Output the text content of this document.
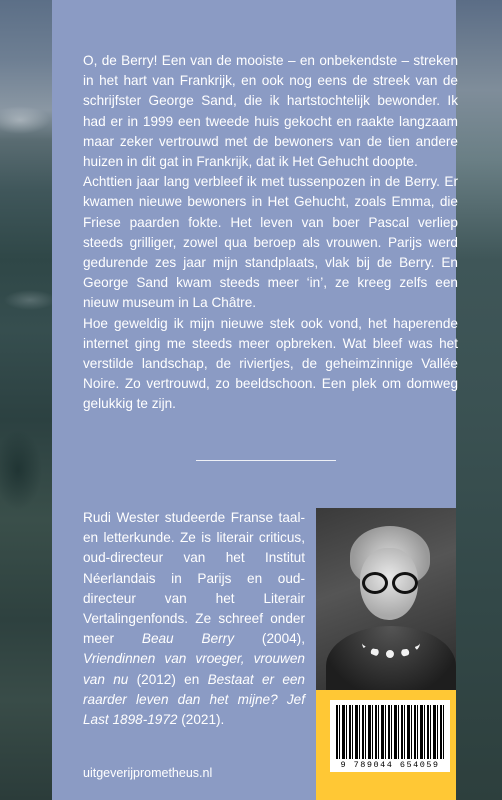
O, de Berry! Een van de mooiste – en onbekendste – streken in het hart van Frankrijk, en ook nog eens de streek van de schrijfster George Sand, die ik hartstochtelijk bewonder. Ik had er in 1999 een tweede huis gekocht en raakte langzaam maar zeker vertrouwd met de bewoners van de tien andere huizen in dit gat in Frankrijk, dat ik Het Gehucht doopte.

Achttien jaar lang verbleef ik met tussenpozen in de Berry. Er kwamen nieuwe bewoners in Het Gehucht, zoals Emma, die Friese paarden fokte. Het leven van boer Pascal verliep steeds grilliger, zowel qua beroep als vrouwen. Parijs werd gedurende zes jaar mijn standplaats, vlak bij de Berry. En George Sand kwam steeds meer ‘in’, ze kreeg zelfs een nieuw museum in La Châtre.

Hoe geweldig ik mijn nieuwe stek ook vond, het haperende internet ging me steeds meer opbreken. Wat bleef was het verstilde landschap, de riviertjes, de geheimzinnige Vallée Noire. Zo vertrouwd, zo beeldschoon. Een plek om domweg gelukkig te zijn.

Rudi Wester studeerde Franse taal- en letterkunde. Ze is literair criticus, oud-directeur van het Institut Néerlandais in Parijs en oud-directeur van het Literair Vertalingenfonds. Ze schreef onder meer Beau Berry (2004), Vriendinnen van vroeger, vrouwen van nu (2012) en Bestaat er een raarder leven dan het mijne? Jef Last 1898-1972 (2021).

9 789044 654059
uitgeverijprometheus.nl
